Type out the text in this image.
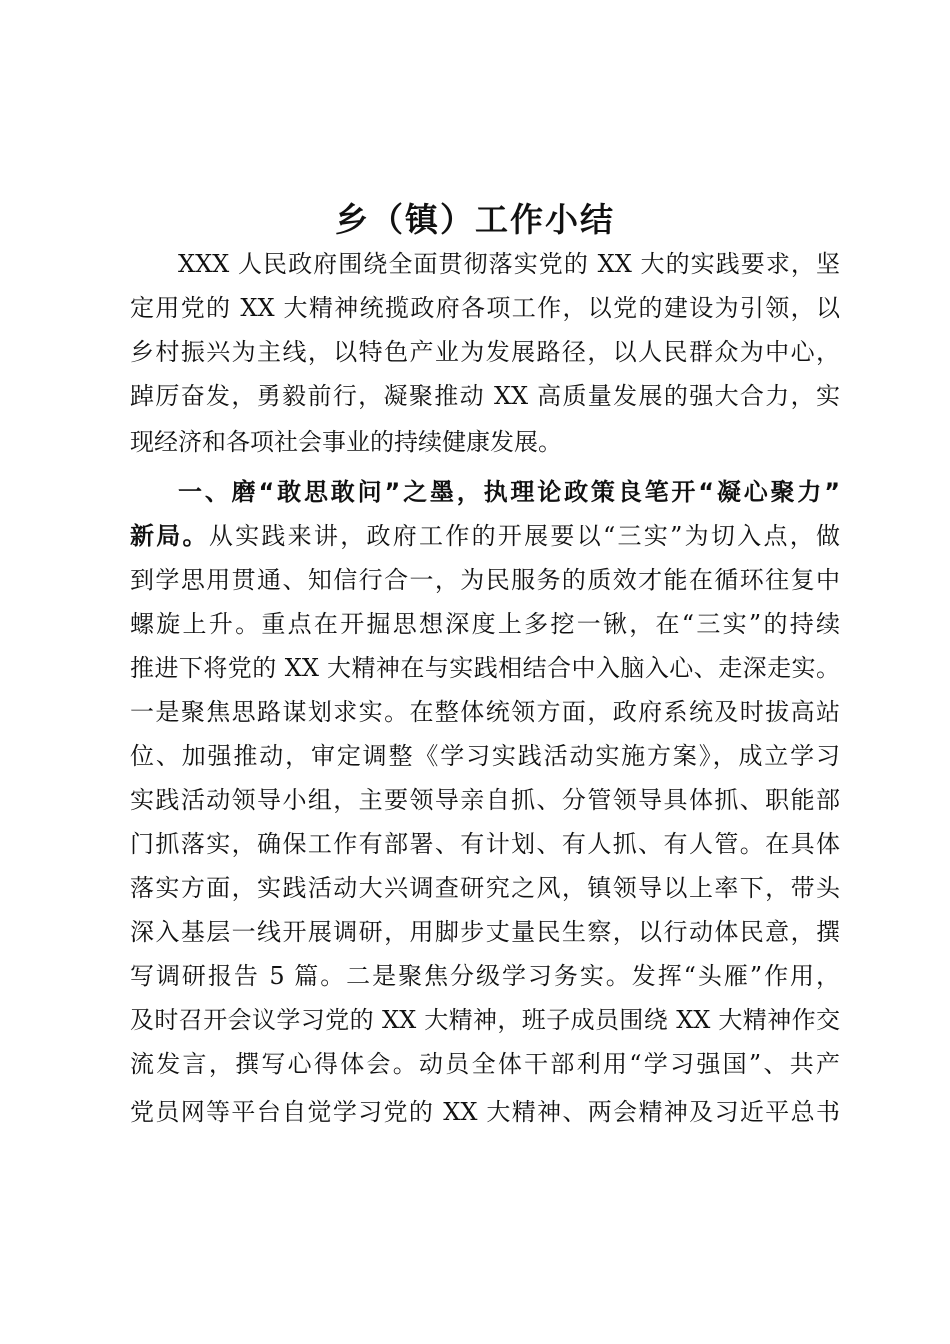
乡（镇）工作小结
XXX 人民政府围绕全面贯彻落实党的 XX 大的实践要求，坚
定用党的 XX 大精神统揽政府各项工作，以党的建设为引领，以
乡村振兴为主线，以特色产业为发展路径，以人民群众为中心，
踔厉奋发，勇毅前行，凝聚推动 XX 高质量发展的强大合力，实
现经济和各项社会事业的持续健康发展。
一、磨“敢思敢问”之墨，执理论政策良笔开“凝心聚力”
新局。从实践来讲，政府工作的开展要以“三实”为切入点，做
到学思用贯通、知信行合一，为民服务的质效才能在循环往复中
螺旋上升。重点在开掘思想深度上多挖一锹，在“三实”的持续
推进下将党的 XX 大精神在与实践相结合中入脑入心、走深走实。
一是聚焦思路谋划求实。在整体统领方面，政府系统及时拔高站
位、加强推动，审定调整《学习实践活动实施方案》，成立学习
实践活动领导小组，主要领导亲自抓、分管领导具体抓、职能部
门抓落实，确保工作有部署、有计划、有人抓、有人管。在具体
落实方面，实践活动大兴调查研究之风，镇领导以上率下，带头
深入基层一线开展调研，用脚步丈量民生察，以行动体民意，撰
写调研报告 5 篇。二是聚焦分级学习务实。发挥“头雁”作用，
及时召开会议学习党的 XX 大精神，班子成员围绕 XX 大精神作交
流发言，撰写心得体会。动员全体干部利用“学习强国”、共产
党员网等平台自觉学习党的 XX 大精神、两会精神及习近平总书
